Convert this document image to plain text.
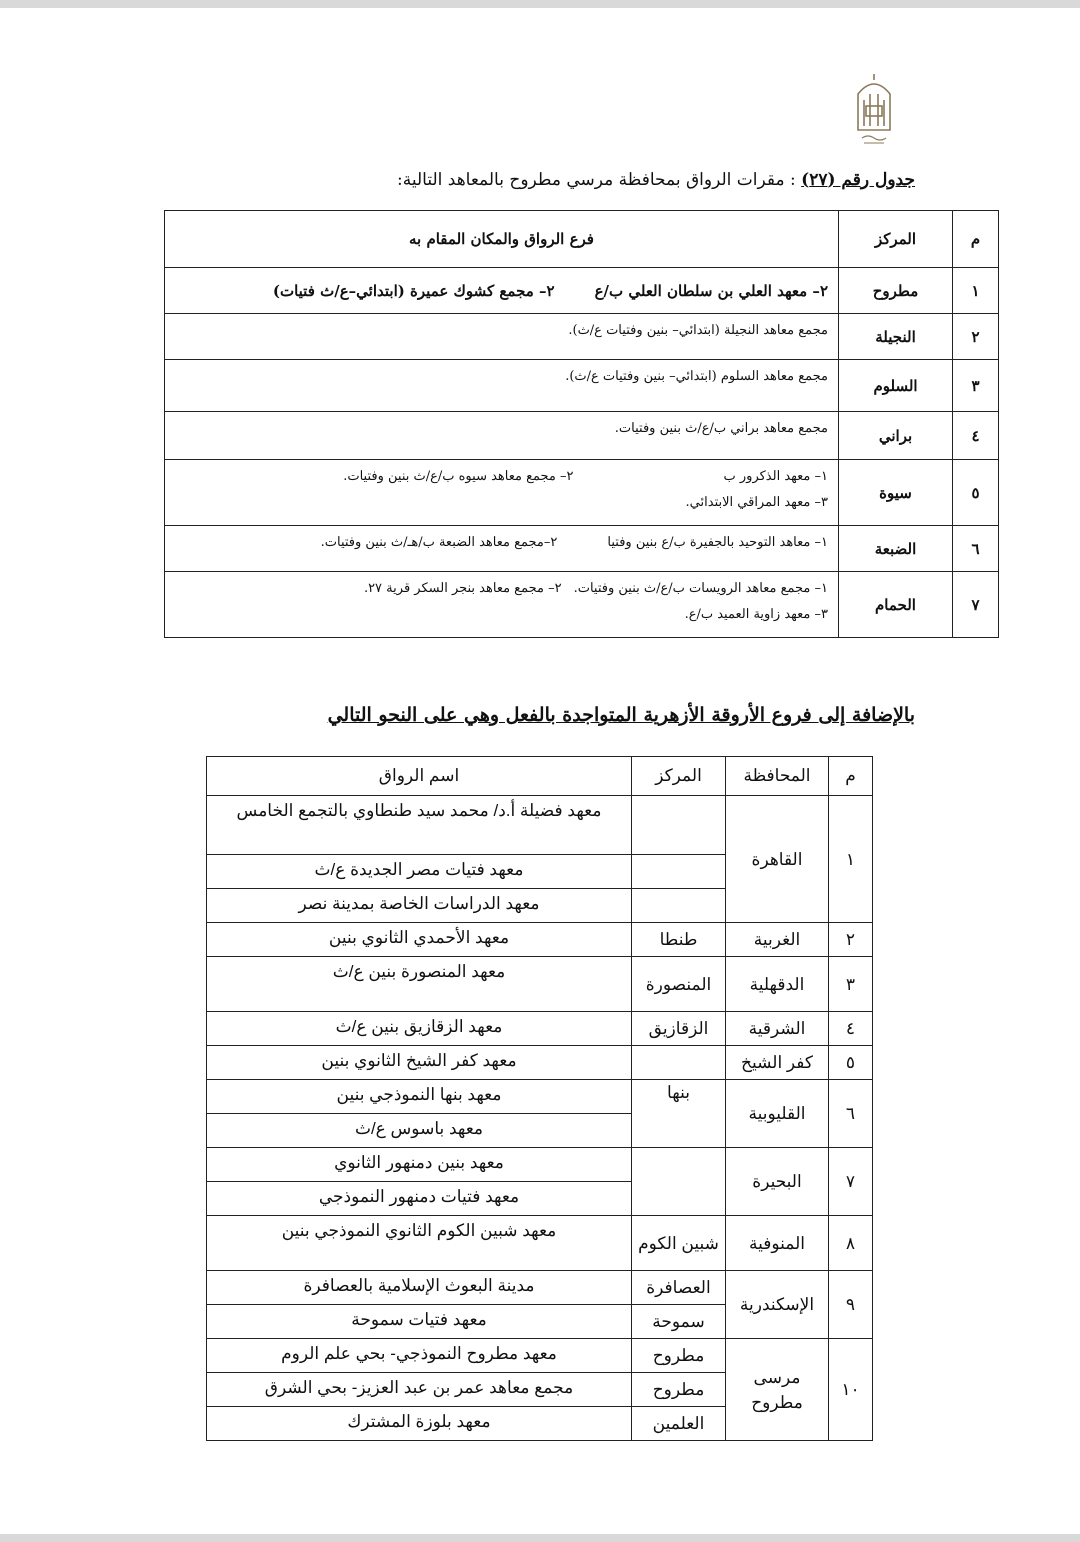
جدول رقم (٢٧) : مقرات الرواق بمحافظة مرسي مطروح بالمعاهد التالية:
م	المركز	فرع الرواق والمكان المقام به
١	مطروح	٢– معهد العلي بن سلطان العلي ب/ع
٢– مجمع كشوك عميرة (ابتدائي–ع/ث فتيات)

٢	النجيلة	مجمع معاهد النجيلة (ابتدائي– بنين وفتيات ع/ث).

٣	السلوم	مجمع معاهد السلوم (ابتدائي– بنين وفتيات ع/ث).

٤	براني	مجمع معاهد براني ب/ع/ث بنين وفتيات.

٥	سيوة	١– معهد الذكرور ب
٢– مجمع معاهد سيوه ب/ع/ث بنين وفتيات.
٣– معهد المراقي الابتدائي.

٦	الضبعة	١– معاهد التوحيد بالجفيرة ب/ع بنين وفتيا
٢–مجمع معاهد الضبعة ب/هـ/ث بنين وفتيات.

٧	الحمام	١– مجمع معاهد الرويسات ب/ع/ث بنين وفتيات.
٢– مجمع معاهد بنجر السكر قرية ٢٧.
٣– معهد زاوية العميد ب/ع.
بالإضافة إلى فروع الأروقة الأزهرية المتواجدة بالفعل وهي على النحو التالي
م	المحافظة	المركز	اسم الرواق
١	القاهرة		معهد فضيلة أ.د/ محمد سيد طنطاوي بالتجمع الخامس
			معهد فتيات مصر الجديدة ع/ث
			معهد الدراسات الخاصة بمدينة نصر
٢	الغربية	طنطا	معهد الأحمدي الثانوي بنين
٣	الدقهلية	المنصورة	معهد المنصورة بنين ع/ث
٤	الشرقية	الزقازيق	معهد الزقازيق بنين ع/ث
٥	كفر الشيخ		معهد كفر الشيخ الثانوي بنين
٦	القليوبية	بنها	معهد بنها النموذجي بنين
			معهد باسوس ع/ث
٧	البحيرة		معهد بنين دمنهور الثانوي
			معهد فتيات دمنهور النموذجي
٨	المنوفية	شبين الكوم	معهد شبين الكوم الثانوي النموذجي بنين
٩	الإسكندرية	العصافرة	مدينة البعوث الإسلامية بالعصافرة
		سموحة	معهد فتيات سموحة
١٠	مرسى مطروح	مطروح	معهد مطروح النموذجي- بحي علم الروم
		مطروح	مجمع معاهد عمر بن عبد العزيز- بحي الشرق
		العلمين	معهد بلوزة المشترك
